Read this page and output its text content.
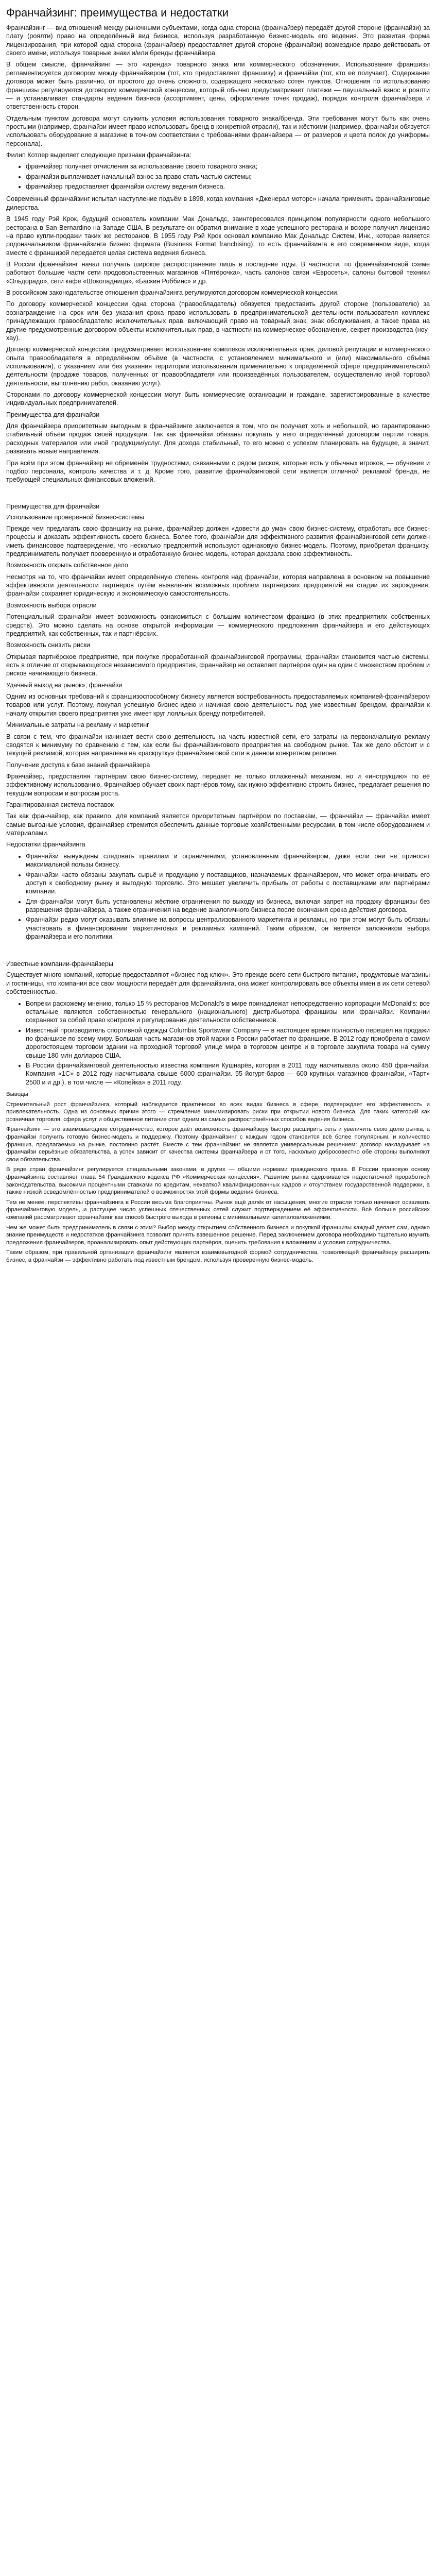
Франчайзинг: преимущества и недостатки

Франчайзинг — вид отношений между рыночными субъектами, когда одна сторона (франчайзер) передаёт другой стороне (франчайзи) за плату (роялти) право на определённый вид бизнеса, используя разработанную бизнес-модель его ведения. Это развитая форма лицензирования, при которой одна сторона (франчайзер) предоставляет другой стороне (франчайзи) возмездное право действовать от своего имени, используя товарные знаки и/или бренды франчайзера.

В общем смысле, франчайзинг — это «аренда» товарного знака или коммерческого обозначения. Использование франшизы регламентируется договором между франчайзером (тот, кто предоставляет франшизу) и франчайзи (тот, кто её получает). Содержание договора может быть различно, от простого до очень сложного, содержащего несколько сотен пунктов. Отношения по использованию франшизы регулируются договором коммерческой концессии, который обычно предусматривает платежи — паушальный взнос и роялти — и устанавливает стандарты ведения бизнеса (ассортимент, цены, оформление точек продаж), порядок контроля франчайзера и ответственность сторон.

Отдельным пунктом договора могут служить условия использования товарного знака/бренда. Эти требования могут быть как очень простыми (например, франчайзи имеет право использовать бренд в конкретной отрасли), так и жёсткими (например, франчайзи обязуется использовать оборудование в магазине в точном соответствии с требованиями франчайзера — от размеров и цвета полок до униформы персонала).

Филип Котлер выделяет следующие признаки франчайзинга:

• франчайзер получает отчисления за использование своего товарного знака;
• франчайзи выплачивает начальный взнос за право стать частью системы;
• франчайзер предоставляет франчайзи систему ведения бизнеса.

Современный франчайзинг испытал наступление подъём в 1898, когда компания «Дженерал моторс» начала применять франчайзинговые дилерства.

В 1945 году Рэй Крок, будущий основатель компании Мак Дональдс, заинтересовался принципом популярности одного небольшого ресторана в San Bernardino на Западе США. В результате он обратил внимание в ходе успешного ресторана и вскоре получил лицензию на право купли-продажи таких же ресторанов. В 1955 году Рэй Крок основал компанию Мак Дональдс Систем, Инк., которая является родоначальником франчайзинга бизнес формата (Business Format franchising), то есть франчайзинга в его современном виде, когда вместе с франшизой передаётся целая система ведения бизнеса.

В России франчайзинг начал получать широкое распространение лишь в последние годы. В частности, по франчайзинговой схеме работают большие части сети продовольственных магазинов «Пятёрочка», часть салонов связи «Евросеть», салоны бытовой техники «Эльдорадо», сети кафе «Шоколадница», «Баскин Роббинс» и др.

В российском законодательстве отношения франчайзинга регулируются договором коммерческой концессии.

По договору коммерческой концессии одна сторона (правообладатель) обязуется предоставить другой стороне (пользователю) за вознаграждение на срок или без указания срока право использовать в предпринимательской деятельности пользователя комплекс принадлежащих правообладателю исключительных прав, включающий право на товарный знак, знак обслуживания, а также права на другие предусмотренные договором объекты исключительных прав, в частности на коммерческое обозначение, секрет производства (ноу-хау).

Договор коммерческой концессии предусматривает использование комплекса исключительных прав, деловой репутации и коммерческого опыта правообладателя в определённом объёме (в частности, с установлением минимального и (или) максимального объёма использования), с указанием или без указания территории использования применительно к определённой сфере предпринимательской деятельности (продаже товаров, полученных от правообладателя или произведённых пользователем, осуществлению иной торговой деятельности, выполнению работ, оказанию услуг).

Сторонами по договору коммерческой концессии могут быть коммерческие организации и граждане, зарегистрированные в качестве индивидуальных предпринимателей.

Преимущества для франчайзи

Для франчайзера приоритетным выгодным в франчайзинге заключается в том, что он получает хоть и небольшой, но гарантированно стабильный объём продаж своей продукции. Так как франчайзи обязаны покупать у него определённый договором партии товара, расходных материалов или иной продукции/услуг. Для дохода стабильный, то его можно с успехом планировать на будущее, а значит, развивать новые направления.

При всём при этом франчайзер не обременён трудностями, связанными с рядом рисков, которые есть у обычных игроков, — обучение и подбор персонала, контроль качества и т. д. Кроме того, развитие франчайзинговой сети является отличной рекламой бренда, не требующей специальных финансовых вложений.

Преимущества для франчайзи

Использование проверенной бизнес-системы

Прежде чем предлагать свою франшизу на рынке, франчайзер должен «довести до ума» свою бизнес-систему, отработать все бизнес-процессы и доказать эффективность своего бизнеса. Более того, франчайзи для эффективного развития франчайзинговой сети должен иметь финансовое подтверждение, что несколько предприятий используют одинаковую бизнес-модель. Поэтому, приобретая франшизу, предприниматель получает проверенную и отработанную бизнес-модель, которая доказала свою эффективность.

Возможность открыть собственное дело

Несмотря на то, что франчайзи имеет определённую степень контроля над франчайзи, которая направлена в основном на повышение эффективности деятельности партнёров путём выявления возможных проблем партнёрских предприятий на стадии их зарождения, франчайзи сохраняет юридическую и экономическую самостоятельность.

Возможность выбора отрасли

Потенциальный франчайзи имеет возможность ознакомиться с большим количеством франшиз (в этих предприятиях собственных средств). Это можно сделать на основе открытой информации — коммерческого предложения франчайзера и его действующих предприятий, как собственных, так и партнёрских.

Возможность снизить риски

Открывая партнёрское предприятие, при покупке проработанной франчайзинговой программы, франчайзи становится частью системы, есть в отличие от открывающегося независимого предприятия, франчайзер не оставляет партнёров один на один с множеством проблем и рисков начинающего бизнеса.

Удачный выход на рынок», франчайзи

Одним из основных требований к франшизоспособному бизнесу является востребованность предоставляемых компанией-франчайзером товаров или услуг. Поэтому, покупая успешную бизнес-идею и начиная свою деятельность под уже известным брендом, франчайзи к началу открытия своего предприятия уже имеет круг лояльных бренду потребителей.

Минимальные затраты на рекламу и маркетинг

В связи с тем, что франчайзи начинает вести свою деятельность на часть известной сети, его затраты на первоначальную рекламу сводятся к минимуму по сравнению с тем, как если бы франчайзингового предприятия на свободном рынке. Так же дело обстоит и с текущей рекламой, которая направлена на «раскрутку» франчайзинговой сети в данном конкретном регионе.

Получение доступа к базе знаний франчайзера

Франчайзер, предоставляя партнёрам свою бизнес-систему, передаёт не только отлаженный механизм, но и «инструкцию» по её эффективному использованию. Франчайзер обучает своих партнёров тому, как нужно эффективно строить бизнес, предлагает решения по текущим вопросам и вопросам роста.

Гарантированная система поставок

Так как франчайзер, как правило, для компаний является приоритетным партнёром по поставкам, — франчайзи — франчайзи имеет самые выгодные условия, франчайзер стремится обеспечить данные торговые хозяйственными ресурсами, в том числе оборудованием и материалами.

Недостатки франчайзинга

• Франчайзи вынуждены следовать правилам и ограничениям, установленным франчайзером, даже если они не приносят максимальной пользы бизнесу.
• Франчайзи часто обязаны закупать сырьё и продукцию у поставщиков, назначаемых франчайзером, что может ограничивать его доступ к свободному рынку и выгодную торговлю. Это мешает увеличить прибыль от работы с поставщиками или партнёрами компании.
• Для франчайзи могут быть установлены жёсткие ограничения по выходу из бизнеса, включая запрет на продажу франшизы без разрешения франчайзера, а также ограничения на ведение аналогичного бизнеса после окончания срока действия договора.
• Франчайзи редко могут оказывать влияние на вопросы централизованного маркетинга и рекламы, но при этом могут быть обязаны участвовать в финансировании маркетинговых и рекламных кампаний. Таким образом, он является заложником выбора франчайзера и его политики.

Известные компании-франчайзеры

Существует много компаний, которые предоставляют «бизнес под ключ». Это прежде всего сети быстрого питания, продуктовые магазины и гостиницы, что компания все свои мощности передаёт для франчайзинга, она может контролировать все объекты имен в их сети сетевой собственностью.

• Вопреки расхожему мнению, только 15 % ресторанов McDonald's в мире принадлежат непосредственно корпорации McDonald's: все остальные являются собственностью генерального (национального) дистрибьютора франшизы или франчайзи. Компании сохраняют за собой право контроля и регулирования деятельности собственников.
• Известный производитель спортивной одежды Columbia Sportswear Company — в настоящее время полностью перешёл на продажи по франшизе по всему миру. Большая часть магазинов этой марки в России работает по франшизе. В 2012 году приобрела в самом дорогостоящем торговом здании на проходной торговой улице мира в торговом центре и в торговле закупила товара на сумму свыше 180 млн долларов США.
• В России франчайзинговой деятельностью известна компания Кушнарёв, которая в 2011 году насчитывала около 450 франчайзи. Компания «1С» в 2012 году насчитывала свыше 6000 франчайзи. 55 йогурт-баров — 600 крупных магазинов франчайзи, «Тарт» 2500 и и др.), в том числе — «Копейка» в 2011 году.

Выводы

Стремительный рост франчайзинга, который наблюдается практически во всех видах бизнеса в сфере, подтверждает его эффективность и привлекательность. Одна из основных причин этого — стремление минимизировать риски при открытии нового бизнеса. Для таких категорий как розничная торговля, сфера услуг и общественное питание стал одним из самых распространённых способов ведения бизнеса.

Франчайзинг — это взаимовыгодное сотрудничество, которое даёт возможность франчайзеру быстро расширить сеть и увеличить свою долю рынка, а франчайзи получить готовую бизнес-модель и поддержку. Поэтому франчайзинг с каждым годом становится всё более популярным, и количество франшиз, предлагаемых на рынке, постоянно растёт. Вместе с тем франчайзинг не является универсальным решением: договор накладывает на франчайзи серьёзные обязательства, а успех зависит от качества системы франчайзера и от того, насколько добросовестно обе стороны выполняют свои обязательства.

В ряде стран франчайзинг регулируется специальными законами, в других — общими нормами гражданского права. В России правовую основу франчайзинга составляет глава 54 Гражданского кодекса РФ «Коммерческая концессия». Развитие рынка сдерживается недостаточной проработкой законодательства, высокими процентными ставками по кредитам, нехваткой квалифицированных кадров и отсутствием государственной поддержки, а также низкой осведомлённостью предпринимателей о возможностях этой формы ведения бизнеса.

Тем не менее, перспективы франчайзинга в России весьма благоприятны. Рынок ещё далёк от насыщения, многие отрасли только начинают осваивать франчайзинговую модель, и растущее число успешных отечественных сетей служит подтверждением её эффективности. Всё больше российских компаний рассматривают франчайзинг как способ быстрого выхода в регионы с минимальными капиталовложениями.

Чем же может быть предприниматель в связи с этим? Выбор между открытием собственного бизнеса и покупкой франшизы каждый делает сам, однако знание преимуществ и недостатков франчайзинга позволит принять взвешенное решение. Перед заключением договора необходимо тщательно изучить предложения франчайзеров, проанализировать опыт действующих партнёров, оценить требования к вложениям и условия сотрудничества.

Таким образом, при правильной организации франчайзинг является взаимовыгодной формой сотрудничества, позволяющей франчайзеру расширять бизнес, а франчайзи — эффективно работать под известным брендом, используя проверенную бизнес-модель.
